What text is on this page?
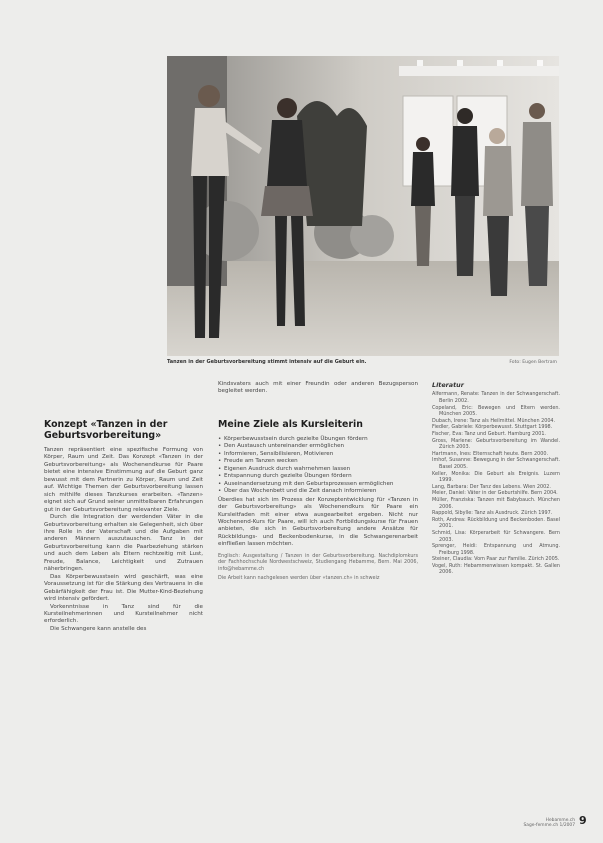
Konzept «Tanzen in der Geburtsvorbereitung»

Tanzen repräsentiert eine spezifische Formung von Körper, Raum und Zeit. Das Konzept «Tanzen in der Geburtsvorbereitung» als Wochenendkurse für Paare bietet eine intensive Einstimmung auf die Geburt ganz bewusst mit dem Partnerin zu Körper, Raum und Zeit auf. Wichtige Themen der Geburtsvorbereitung lassen sich mithilfe dieses Tanzkurses erarbeiten. «Tanzen» eignet sich auf Grund seiner unmittelbaren Erfahrungen gut in der Geburtsvorbereitung relevanter Ziele.

Durch die Integration der werdenden Väter in die Geburtsvorbereitung erhalten sie Gelegenheit, sich über ihre Rolle in der Vaterschaft und die Aufgaben mit anderen Männern auszutauschen. Tanz in der Geburtsvorbereitung kann die Paarbeziehung stärken und auch dem Leben als Eltern rechtzeitig mit Lust, Freude, Balance, Leichtigkeit und Zutrauen näherbringen.

Das Körperbewusstsein wird geschärft, was eine Voraussetzung ist für die Stärkung des Vertrauens in die Gebärfähigkeit der Frau ist. Die Mutter-Kind-Beziehung wird intensiv gefördert.

Vorkenntnisse in Tanz sind für die Kursteilnehmerinnen und Kursteilnehmer nicht erforderlich.

Die Schwangere kann anstelle des

Tanzen in der Geburtsvorbereitung stimmt intensiv auf die Geburt ein.	Foto: Eugen Bertram

Kindsvaters auch mit einer Freundin oder anderen Bezugsperson begleitet werden.

Meine Ziele als Kursleiterin
• Körperbewusstsein durch gezielte Übungen fördern
• Den Austausch untereinander ermöglichen
• Informieren, Sensibilisieren, Motivieren
• Freude am Tanzen wecken
• Eigenen Ausdruck durch wahrnehmen lassen
• Entspannung durch gezielte Übungen fördern
• Auseinandersetzung mit den Geburtsprozessen ermöglichen
• Über das Wochenbett und die Zeit danach informieren

Überdies hat sich im Prozess der Konzeptentwicklung für «Tanzen in der Geburtsvorbereitung» als Wochenendkurs für Paare ein Kursleitfaden mit einer etwa ausgearbeitet ergeben. Nicht nur Wochenend-Kurs für Paare, will ich auch Fortbildungskurse für Frauen anbieten, die sich in Geburtsvorbereitung andere Ansätze für Rückbildungs- und Beckenbodenkurse, in die Schwangerenarbeit einfließen lassen möchten.

Englisch: Ausgestaltung / Tanzen in der Geburtsvorbereitung. Nachdiplomkurs der Fachhochschule Nordwestschweiz, Studiengang Hebamme, Bern. Mai 2006, info@hebamme.ch

Die Arbeit kann nachgelesen werden über «tanzen.ch» in schweiz

Literatur
Alfermann, Renate: Tanzen in der Schwangerschaft. Berlin 2002.
Copeland, Eric: Bewegen und Eltern werden. München 2005.
Dubach, Irene: Tanz als Heilmittel. München 2004.
Fiedler, Gabriele: Körperbewusst. Stuttgart 1998.
Fischer, Eva: Tanz und Geburt. Hamburg 2001.
Gross, Marlene: Geburtsvorbereitung im Wandel. Zürich 2003.
Hartmann, Ines: Elternschaft heute. Bern 2000.
Imhof, Susanne: Bewegung in der Schwangerschaft. Basel 2005.
Keller, Monika: Die Geburt als Ereignis. Luzern 1999.
Lang, Barbara: Der Tanz des Lebens. Wien 2002.
Meier, Daniel: Väter in der Geburtshilfe. Bern 2004.
Müller, Franziska: Tanzen mit Babybauch. München 2006.
Rappold, Sibylle: Tanz als Ausdruck. Zürich 1997.
Roth, Andrea: Rückbildung und Beckenboden. Basel 2001.
Schmid, Lisa: Körperarbeit für Schwangere. Bern 2003.
Sprenger, Heidi: Entspannung und Atmung. Freiburg 1998.
Steiner, Claudia: Vom Paar zur Familie. Zürich 2005.
Vogel, Ruth: Hebammenwissen kompakt. St. Gallen 2006.
Hebamme.ch
Sage-femme.ch 1/2007 9
